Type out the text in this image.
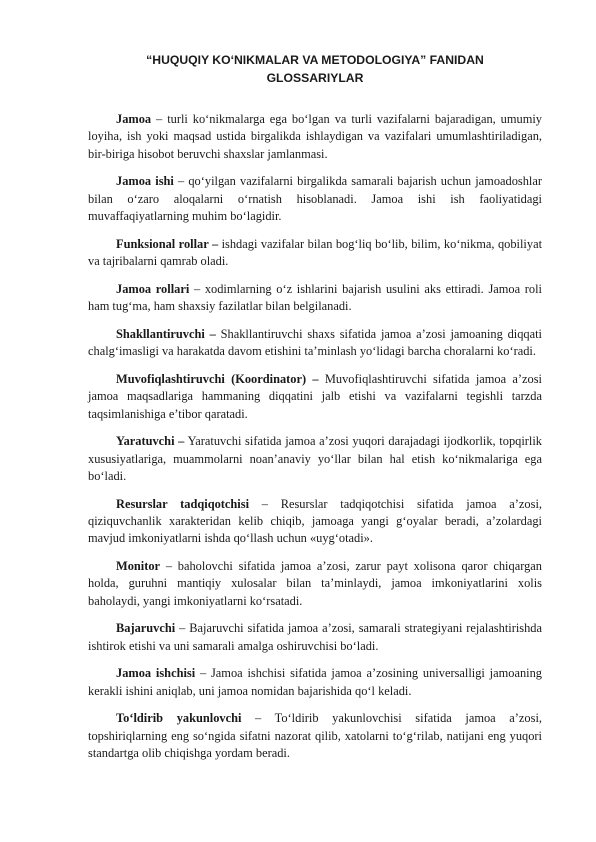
“HUQUQIY KO‘NIKMALAR VA METODOLOGIYA” FANIDAN GLOSSARIYLAR

Jamoa – turli ko‘nikmalarga ega bo‘lgan va turli vazifalarni bajaradigan, umumiy loyiha, ish yoki maqsad ustida birgalikda ishlaydigan va vazifalari umumlashtiriladigan, bir-biriga hisobot beruvchi shaxslar jamlanmasi.

Jamoa ishi – qo‘yilgan vazifalarni birgalikda samarali bajarish uchun jamoadoshlar bilan o‘zaro aloqalarni o‘rnatish hisoblanadi. Jamoa ishi ish faoliyatidagi muvaffaqiyatlarning muhim bo‘lagidir.

Funksional rollar – ishdagi vazifalar bilan bog‘liq bo‘lib, bilim, ko‘nikma, qobiliyat va tajribalarni qamrab oladi.

Jamoa rollari – xodimlarning o‘z ishlarini bajarish usulini aks ettiradi. Jamoa roli ham tug‘ma, ham shaxsiy fazilatlar bilan belgilanadi.

Shakllantiruvchi – Shakllantiruvchi shaxs sifatida jamoa a’zosi jamoaning diqqati chalg‘imasligi va harakatda davom etishini ta’minlash yo‘lidagi barcha choralarni ko‘radi.

Muvofiqlashtiruvchi (Koordinator) – Muvofiqlashtiruvchi sifatida jamoa a’zosi jamoa maqsadlariga hammaning diqqatini jalb etishi va vazifalarni tegishli tarzda taqsimlanishiga e’tibor qaratadi.

Yaratuvchi – Yaratuvchi sifatida jamoa a’zosi yuqori darajadagi ijodkorlik, topqirlik xususiyatlariga, muammolarni noan’anaviy yo‘llar bilan hal etish ko‘nikmalariga ega bo‘ladi.

Resurslar tadqiqotchisi – Resurslar tadqiqotchisi sifatida jamoa a’zosi, qiziquvchanlik xarakteridan kelib chiqib, jamoaga yangi g‘oyalar beradi, a’zolardagi mavjud imkoniyatlarni ishda qo‘llash uchun «uyg‘otadi».

Monitor – baholovchi sifatida jamoa a’zosi, zarur payt xolisona qaror chiqargan holda, guruhni mantiqiy xulosalar bilan ta’minlaydi, jamoa imkoniyatlarini xolis baholaydi, yangi imkoniyatlarni ko‘rsatadi.

Bajaruvchi – Bajaruvchi sifatida jamoa a’zosi, samarali strategiyani rejalashtirishda ishtirok etishi va uni samarali amalga oshiruvchisi bo‘ladi.

Jamoa ishchisi – Jamoa ishchisi sifatida jamoa a’zosining universalligi jamoaning kerakli ishini aniqlab, uni jamoa nomidan bajarishida qo‘l keladi.

To‘ldirib yakunlovchi – To‘ldirib yakunlovchisi sifatida jamoa a’zosi, topshiriqlarning eng so‘ngida sifatni nazorat qilib, xatolarni to‘g‘rilab, natijani eng yuqori standartga olib chiqishga yordam beradi.
